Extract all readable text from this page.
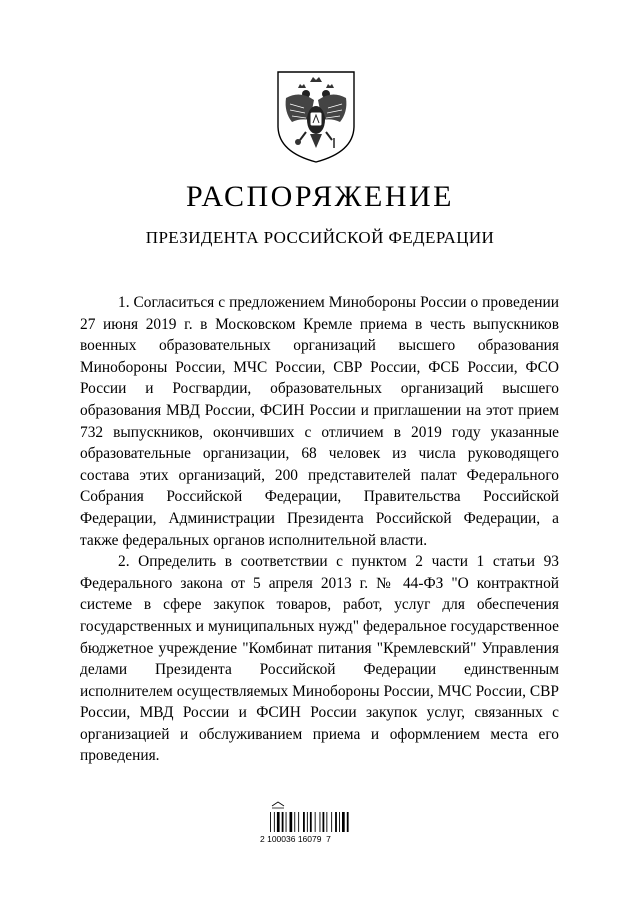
РАСПОРЯЖЕНИЕ
ПРЕЗИДЕНТА РОССИЙСКОЙ ФЕДЕРАЦИИ

1. Согласиться с предложением Минобороны России о проведении 27 июня 2019 г. в Московском Кремле приема в честь выпускников военных образовательных организаций высшего образования Минобороны России, МЧС России, СВР России, ФСБ России, ФСО России и Росгвардии, образовательных организаций высшего образования МВД России, ФСИН России и приглашении на этот прием 732 выпускников, окончивших с отличием в 2019 году указанные образовательные организации, 68 человек из числа руководящего состава этих организаций, 200 представителей палат Федерального Собрания Российской Федерации, Правительства Российской Федерации, Администрации Президента Российской Федерации, а также федеральных органов исполнительной власти.

2. Определить в соответствии с пунктом 2 части 1 статьи 93 Федерального закона от 5 апреля 2013 г. № 44-ФЗ "О контрактной системе в сфере закупок товаров, работ, услуг для обеспечения государственных и муниципальных нужд" федеральное государственное бюджетное учреждение "Комбинат питания "Кремлевский" Управления делами Президента Российской Федерации единственным исполнителем осуществляемых Минобороны России, МЧС России, СВР России, МВД России и ФСИН России закупок услуг, связанных с организацией и обслуживанием приема и оформлением места его проведения.

2 100036 16079  7
